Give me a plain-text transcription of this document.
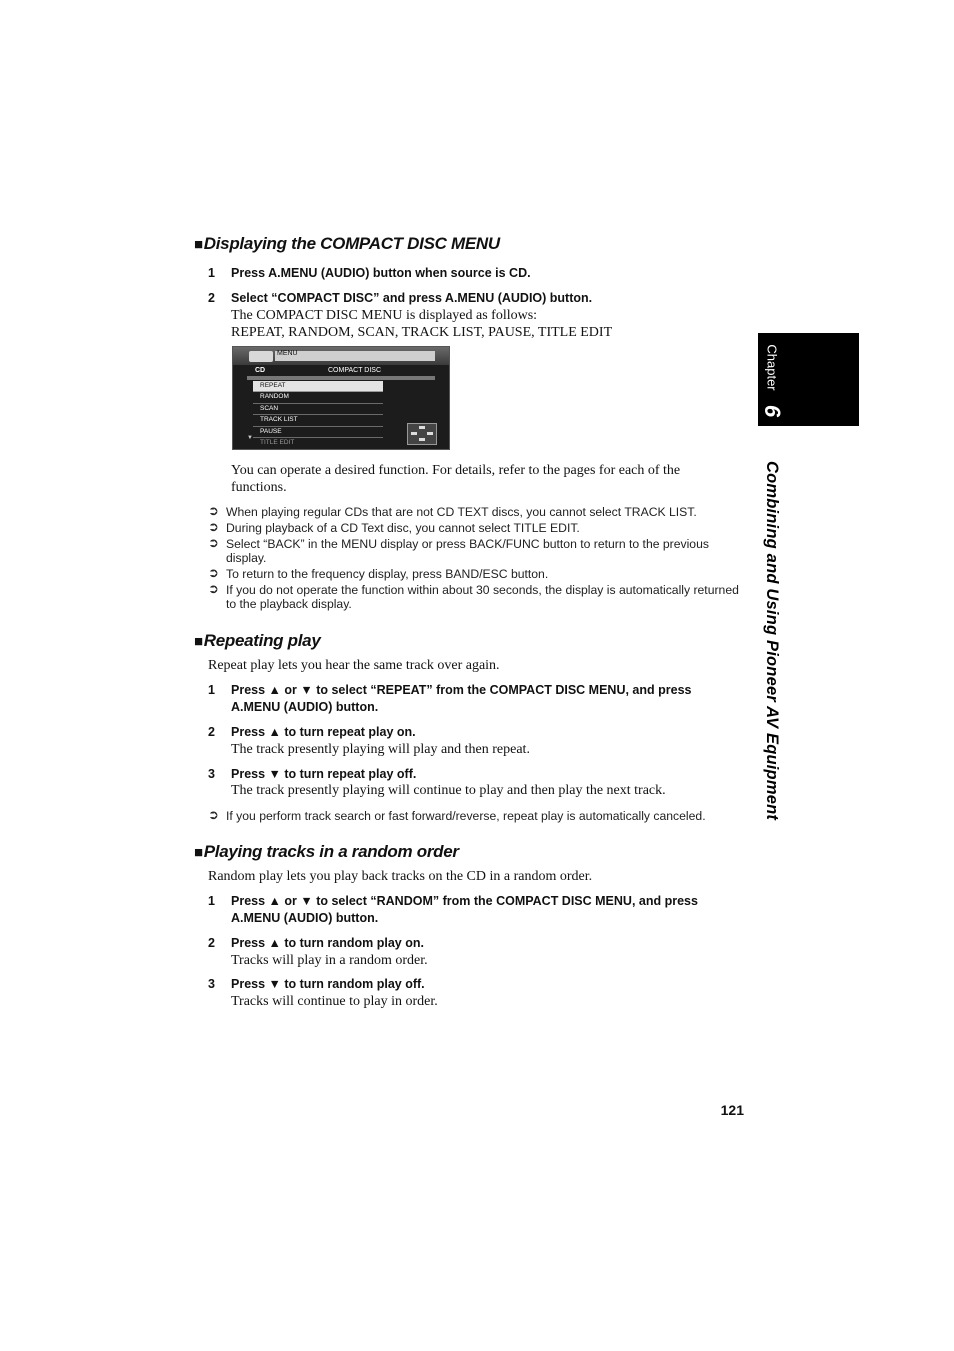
■Displaying the COMPACT DISC MENU
1 Press A.MENU (AUDIO) button when source is CD.
2 Select “COMPACT DISC” and press A.MENU (AUDIO) button.
The COMPACT DISC MENU is displayed as follows:
REPEAT, RANDOM, SCAN, TRACK LIST, PAUSE, TITLE EDIT
MENU
CD	COMPACT DISC
REPEAT
RANDOM
SCAN
TRACK LIST
PAUSE
TITLE EDIT
▼
You can operate a desired function. For details, refer to the pages for each of the functions.
➲ When playing regular CDs that are not CD TEXT discs, you cannot select TRACK LIST.
➲ During playback of a CD Text disc, you cannot select TITLE EDIT.
➲ Select “BACK” in the MENU display or press BACK/FUNC button to return to the previous display.
➲ To return to the frequency display, press BAND/ESC button.
➲ If you do not operate the function within about 30 seconds, the display is automatically returned to the playback display.
■Repeating play
Repeat play lets you hear the same track over again.
1 Press ▲ or ▼ to select “REPEAT” from the COMPACT DISC MENU, and press A.MENU (AUDIO) button.
2 Press ▲ to turn repeat play on.
The track presently playing will play and then repeat.
3 Press ▼ to turn repeat play off.
The track presently playing will continue to play and then play the next track.
➲ If you perform track search or fast forward/reverse, repeat play is automatically canceled.
■Playing tracks in a random order
Random play lets you play back tracks on the CD in a random order.
1 Press ▲ or ▼ to select “RANDOM” from the COMPACT DISC MENU, and press A.MENU (AUDIO) button.
2 Press ▲ to turn random play on.
Tracks will play in a random order.
3 Press ▼ to turn random play off.
Tracks will continue to play in order.
Chapter
6
Combining and Using Pioneer AV Equipment
121
